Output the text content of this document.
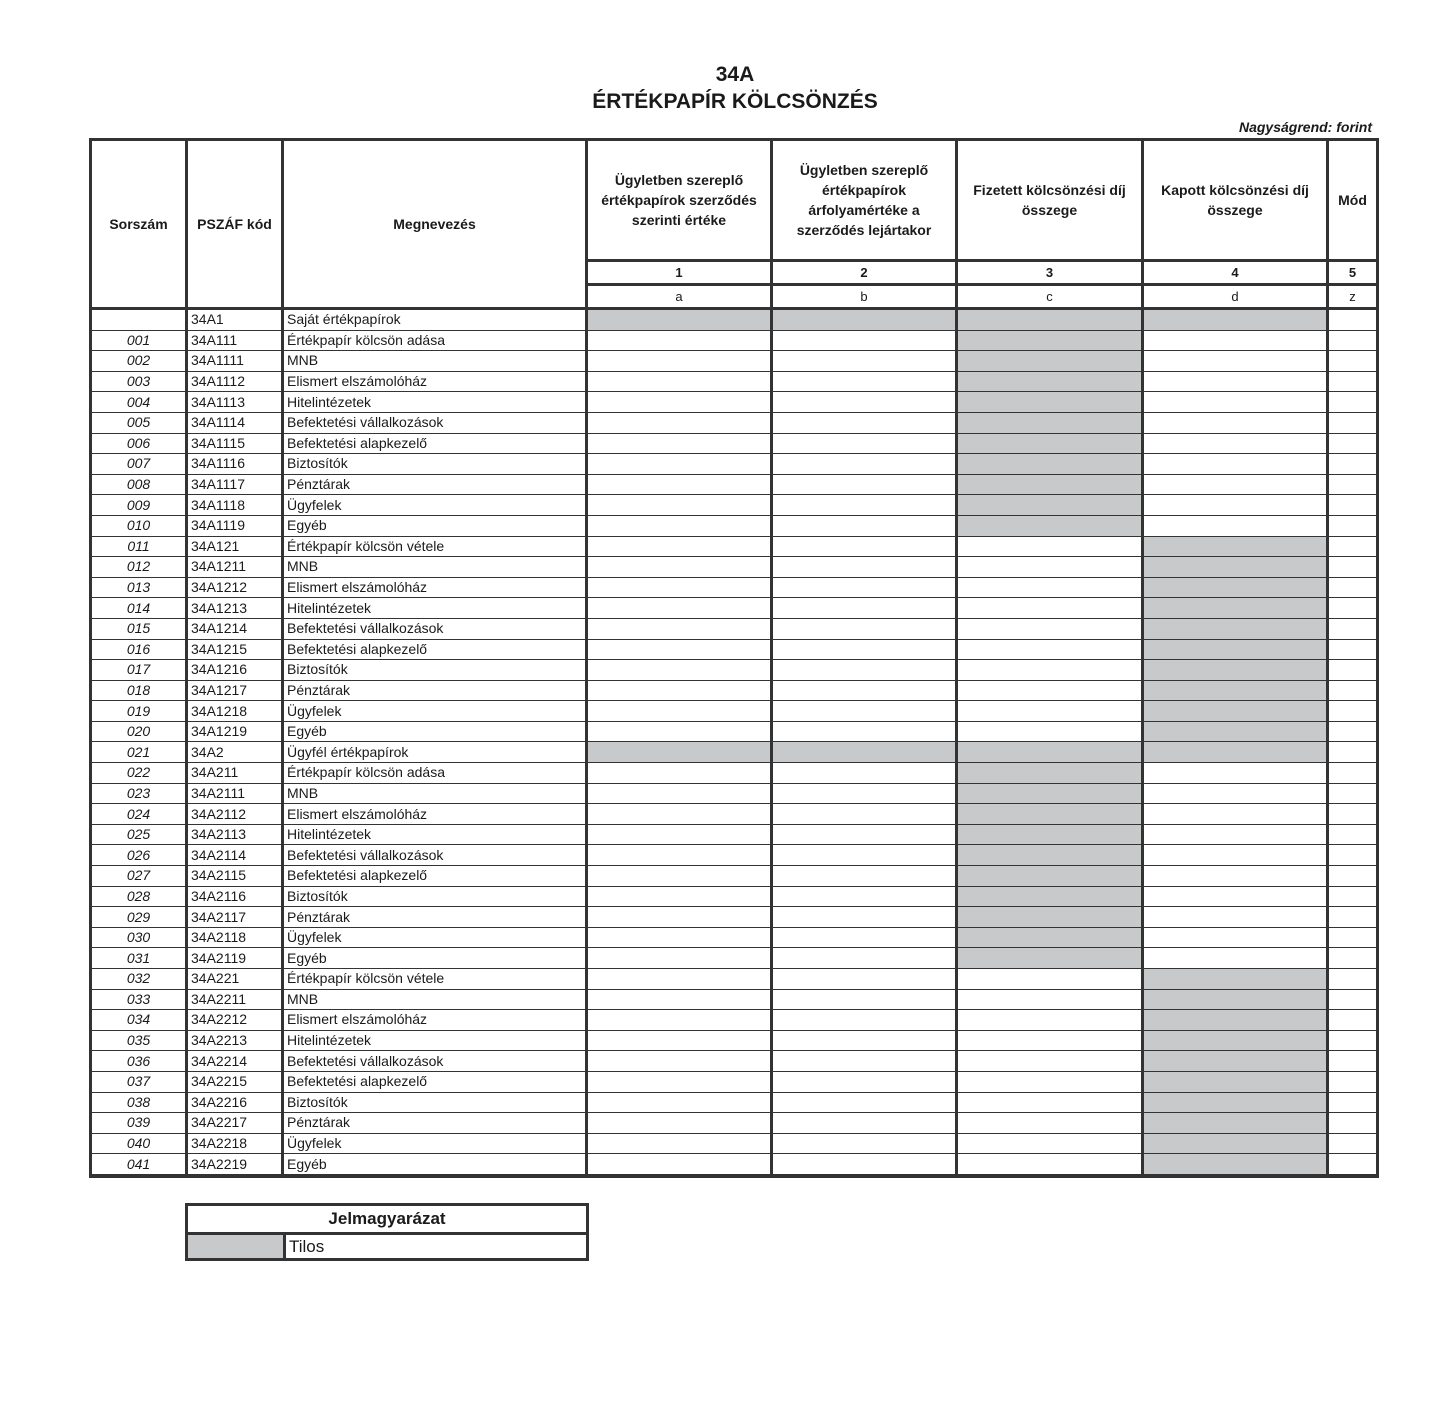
34A
ÉRTÉKPAPÍR KÖLCSÖNZÉS
Nagyságrend: forint
Sorszám	PSZÁF kód	Megnevezés	Ügyletben szereplő értékpapírok szerződés szerinti értéke	Ügyletben szereplő értékpapírok árfolyamértéke a szerződés lejártakor	Fizetett kölcsönzési díj összege	Kapott kölcsönzési díj összege	Mód
			1	2	3	4	5
			a	b	c	d	z
	34A1	Saját értékpapírok					
001	34A111	Értékpapír kölcsön adása					
002	34A1111	MNB					
003	34A1112	Elismert elszámolóház					
004	34A1113	Hitelintézetek					
005	34A1114	Befektetési vállalkozások					
006	34A1115	Befektetési alapkezelő					
007	34A1116	Biztosítók					
008	34A1117	Pénztárak					
009	34A1118	Ügyfelek					
010	34A1119	Egyéb					
011	34A121	Értékpapír kölcsön vétele					
012	34A1211	MNB					
013	34A1212	Elismert elszámolóház					
014	34A1213	Hitelintézetek					
015	34A1214	Befektetési vállalkozások					
016	34A1215	Befektetési alapkezelő					
017	34A1216	Biztosítók					
018	34A1217	Pénztárak					
019	34A1218	Ügyfelek					
020	34A1219	Egyéb					
021	34A2	Ügyfél értékpapírok					
022	34A211	Értékpapír kölcsön adása					
023	34A2111	MNB					
024	34A2112	Elismert elszámolóház					
025	34A2113	Hitelintézetek					
026	34A2114	Befektetési vállalkozások					
027	34A2115	Befektetési alapkezelő					
028	34A2116	Biztosítók					
029	34A2117	Pénztárak					
030	34A2118	Ügyfelek					
031	34A2119	Egyéb					
032	34A221	Értékpapír kölcsön vétele					
033	34A2211	MNB					
034	34A2212	Elismert elszámolóház					
035	34A2213	Hitelintézetek					
036	34A2214	Befektetési vállalkozások					
037	34A2215	Befektetési alapkezelő					
038	34A2216	Biztosítók					
039	34A2217	Pénztárak					
040	34A2218	Ügyfelek					
041	34A2219	Egyéb					
Jelmagyarázat
Tilos
